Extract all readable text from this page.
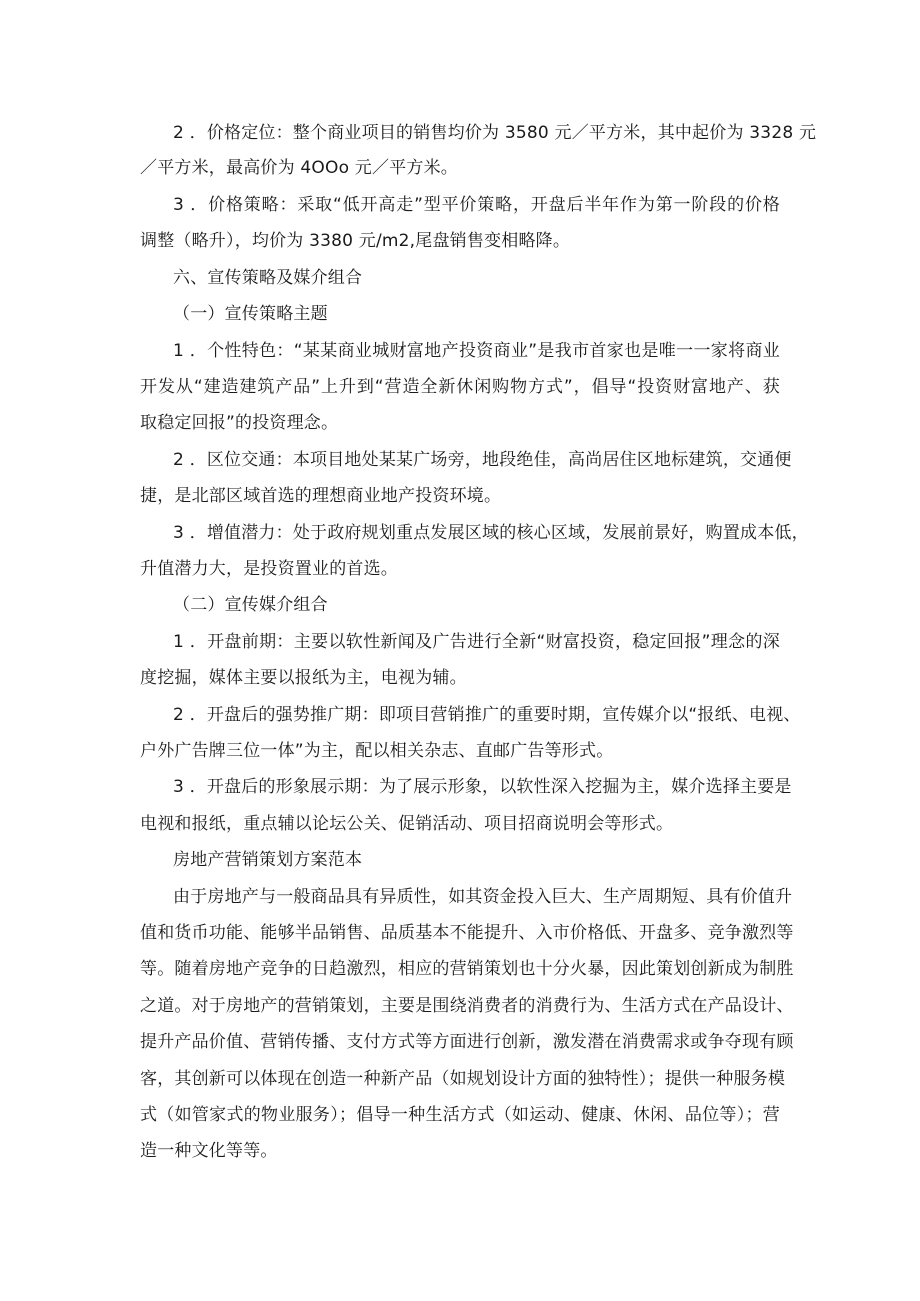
2 ．价格定位：整个商业项目的销售均价为 3580 元／平方米，其中起价为 3328 元
／平方米，最高价为 4OOo 元／平方米。
3 ．价格策略：采取“低开高走”型平价策略，开盘后半年作为第一阶段的价格
调整（略升），均价为 3380 元/m2,尾盘销售变相略降。
六、宣传策略及媒介组合
（一）宣传策略主题
1 ．个性特色：“某某商业城财富地产投资商业”是我市首家也是唯一一家将商业
开发从“建造建筑产品”上升到“营造全新休闲购物方式”，倡导“投资财富地产、获
取稳定回报”的投资理念。
2 ．区位交通：本项目地处某某广场旁，地段绝佳，高尚居住区地标建筑，交通便
捷，是北部区域首选的理想商业地产投资环境。
3 ．增值潜力：处于政府规划重点发展区域的核心区域，发展前景好，购置成本低，
升值潜力大，是投资置业的首选。
（二）宣传媒介组合
1 ．开盘前期：主要以软性新闻及广告进行全新“财富投资，稳定回报”理念的深
度挖掘，媒体主要以报纸为主，电视为辅。
2 ．开盘后的强势推广期：即项目营销推广的重要时期，宣传媒介以“报纸、电视、
户外广告牌三位一体”为主，配以相关杂志、直邮广告等形式。
3 ．开盘后的形象展示期：为了展示形象，以软性深入挖掘为主，媒介选择主要是
电视和报纸，重点辅以论坛公关、促销活动、项目招商说明会等形式。
房地产营销策划方案范本
由于房地产与一般商品具有异质性，如其资金投入巨大、生产周期短、具有价值升
值和货币功能、能够半品销售、品质基本不能提升、入市价格低、开盘多、竞争激烈等
等。随着房地产竞争的日趋激烈，相应的营销策划也十分火暴，因此策划创新成为制胜
之道。对于房地产的营销策划，主要是围绕消费者的消费行为、生活方式在产品设计、
提升产品价值、营销传播、支付方式等方面进行创新，激发潜在消费需求或争夺现有顾
客，其创新可以体现在创造一种新产品（如规划设计方面的独特性）；提供一种服务模
式（如管家式的物业服务）；倡导一种生活方式（如运动、健康、休闲、品位等）；营
造一种文化等等。
